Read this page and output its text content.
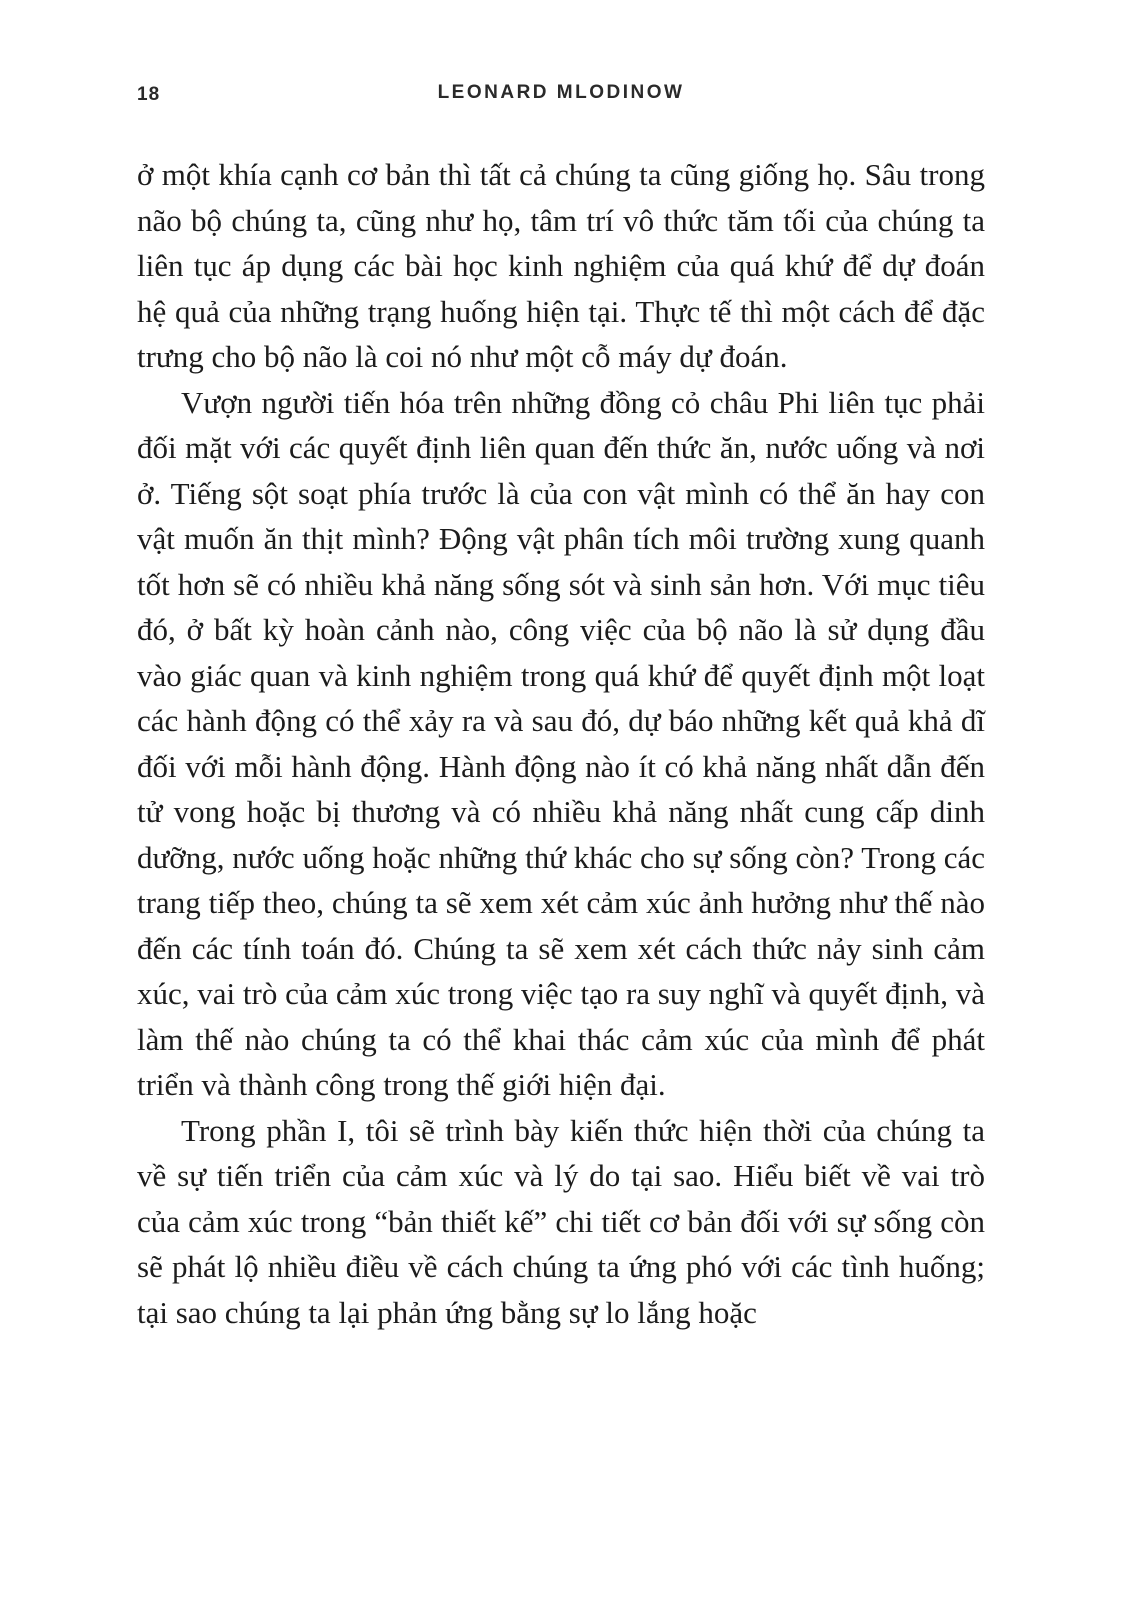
18	LEONARD MLODINOW

ở một khía cạnh cơ bản thì tất cả chúng ta cũng giống họ. Sâu trong não bộ chúng ta, cũng như họ, tâm trí vô thức tăm tối của chúng ta liên tục áp dụng các bài học kinh nghiệm của quá khứ để dự đoán hệ quả của những trạng huống hiện tại. Thực tế thì một cách để đặc trưng cho bộ não là coi nó như một cỗ máy dự đoán.

Vượn người tiến hóa trên những đồng cỏ châu Phi liên tục phải đối mặt với các quyết định liên quan đến thức ăn, nước uống và nơi ở. Tiếng sột soạt phía trước là của con vật mình có thể ăn hay con vật muốn ăn thịt mình? Động vật phân tích môi trường xung quanh tốt hơn sẽ có nhiều khả năng sống sót và sinh sản hơn. Với mục tiêu đó, ở bất kỳ hoàn cảnh nào, công việc của bộ não là sử dụng đầu vào giác quan và kinh nghiệm trong quá khứ để quyết định một loạt các hành động có thể xảy ra và sau đó, dự báo những kết quả khả dĩ đối với mỗi hành động. Hành động nào ít có khả năng nhất dẫn đến tử vong hoặc bị thương và có nhiều khả năng nhất cung cấp dinh dưỡng, nước uống hoặc những thứ khác cho sự sống còn? Trong các trang tiếp theo, chúng ta sẽ xem xét cảm xúc ảnh hưởng như thế nào đến các tính toán đó. Chúng ta sẽ xem xét cách thức nảy sinh cảm xúc, vai trò của cảm xúc trong việc tạo ra suy nghĩ và quyết định, và làm thế nào chúng ta có thể khai thác cảm xúc của mình để phát triển và thành công trong thế giới hiện đại.

Trong phần I, tôi sẽ trình bày kiến thức hiện thời của chúng ta về sự tiến triển của cảm xúc và lý do tại sao. Hiểu biết về vai trò của cảm xúc trong “bản thiết kế” chi tiết cơ bản đối với sự sống còn sẽ phát lộ nhiều điều về cách chúng ta ứng phó với các tình huống; tại sao chúng ta lại phản ứng bằng sự lo lắng hoặc
